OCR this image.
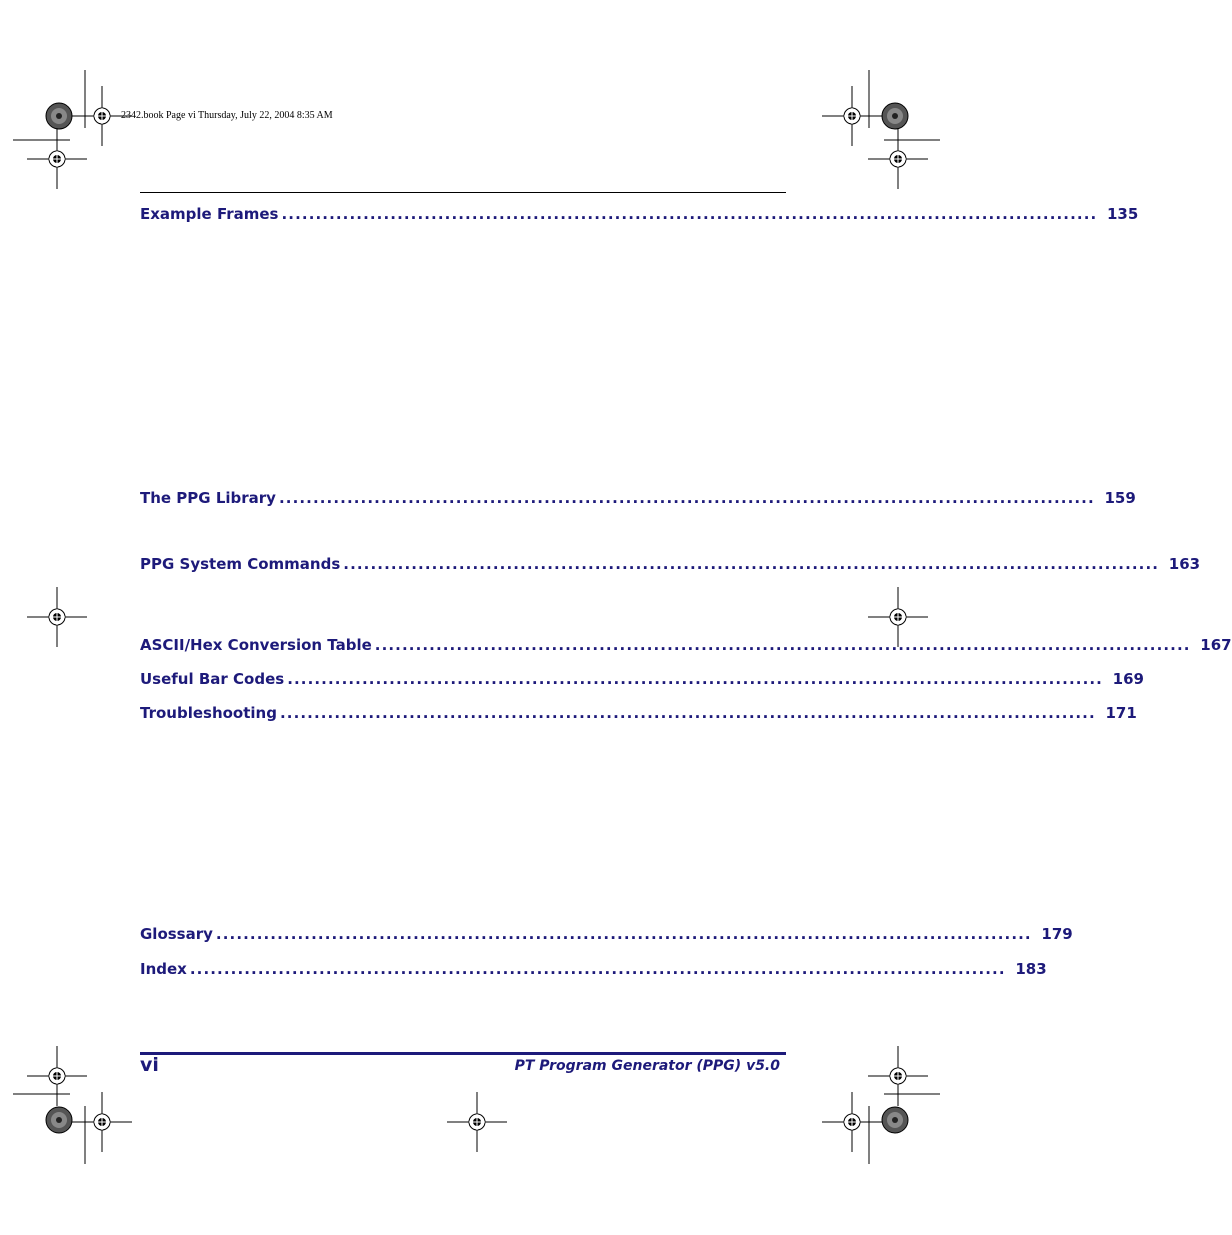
2342.book Page vi Thursday, July 22, 2004 8:35 AM
Example Frames ........................................................................................................................ 135
The PPG Library ........................................................................................................................ 159
PPG System Commands ........................................................................................................................ 163
ASCII/Hex Conversion Table ........................................................................................................................ 167
Useful Bar Codes ........................................................................................................................ 169
Troubleshooting ........................................................................................................................ 171
Glossary ........................................................................................................................ 179
Index ........................................................................................................................ 183
vi	PT Program Generator (PPG) v5.0
